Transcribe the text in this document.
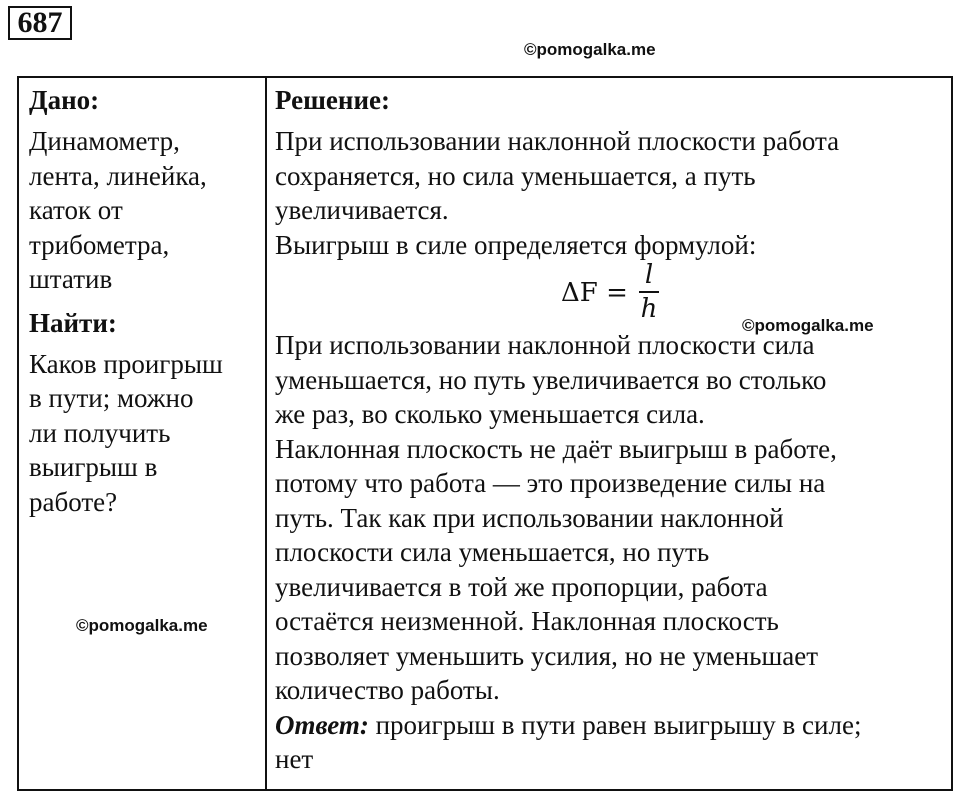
687
©pomogalka.me

Дано:

Динамометр,

лента, линейка,

каток от

трибометра,

штатив

Найти:

Каков проигрыш

в пути; можно

ли получить

выигрыш в

работе?

Решение:

При использовании наклонной плоскости работа

сохраняется, но сила уменьшается, а путь

увеличивается.

Выигрыш в силе определяется формулой:

ΔF =
l
h

При использовании наклонной плоскости сила

уменьшается, но путь увеличивается во столько

же раз, во сколько уменьшается сила.

Наклонная плоскость не даёт выигрыш в работе,

потому что работа — это произведение силы на

путь. Так как при использовании наклонной

плоскости сила уменьшается, но путь

увеличивается в той же пропорции, работа

остаётся неизменной. Наклонная плоскость

позволяет уменьшить усилия, но не уменьшает

количество работы.

Ответ: проигрыш в пути равен выигрышу в силе;

нет

©pomogalka.me
©pomogalka.me
